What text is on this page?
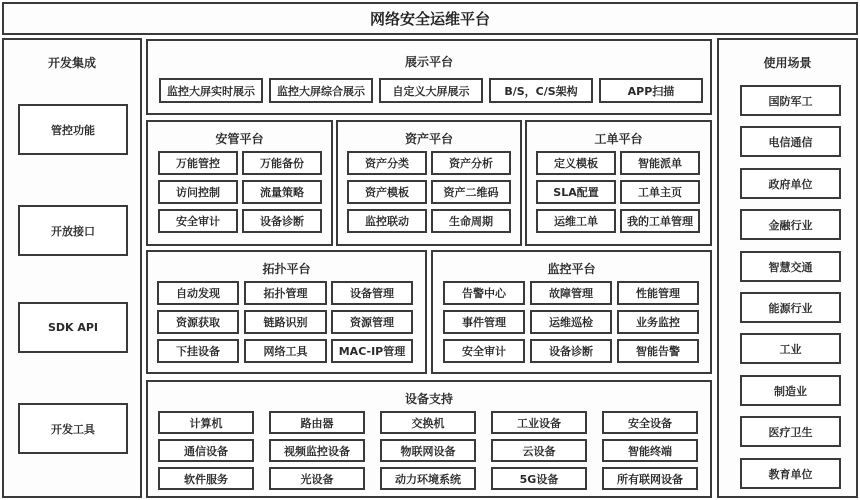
网络安全运维平台
开发集成
管控功能
开放接口
SDK API
开发工具
展示平台
监控大屏实时展示 监控大屏综合展示	自定义大屏展示	B/S，C/S架构	APP扫描
安管平台
万能管控	万能备份
访问控制	流量策略
安全审计	设备诊断
资产平台
资产分类	资产分析
资产模板	资产二维码
监控联动	生命周期
工单平台
定义模板	智能派单
SLA配置	工单主页
运维工单	我的工单管理
拓扑平台
自动发现	拓扑管理	设备管理
资源获取	链路识别	资源管理
下挂设备	网络工具	MAC-IP管理
监控平台
告警中心	故障管理	性能管理
事件管理	运维巡检	业务监控
安全审计	设备诊断	智能告警
设备支持
计算机	路由器	交换机	工业设备	安全设备
通信设备	视频监控设备	物联网设备	云设备	智能终端
软件服务	光设备	动力环境系统	5G设备	所有联网设备
使用场景
国防军工
电信通信
政府单位
金融行业
智慧交通
能源行业
工业
制造业
医疗卫生
教育单位
